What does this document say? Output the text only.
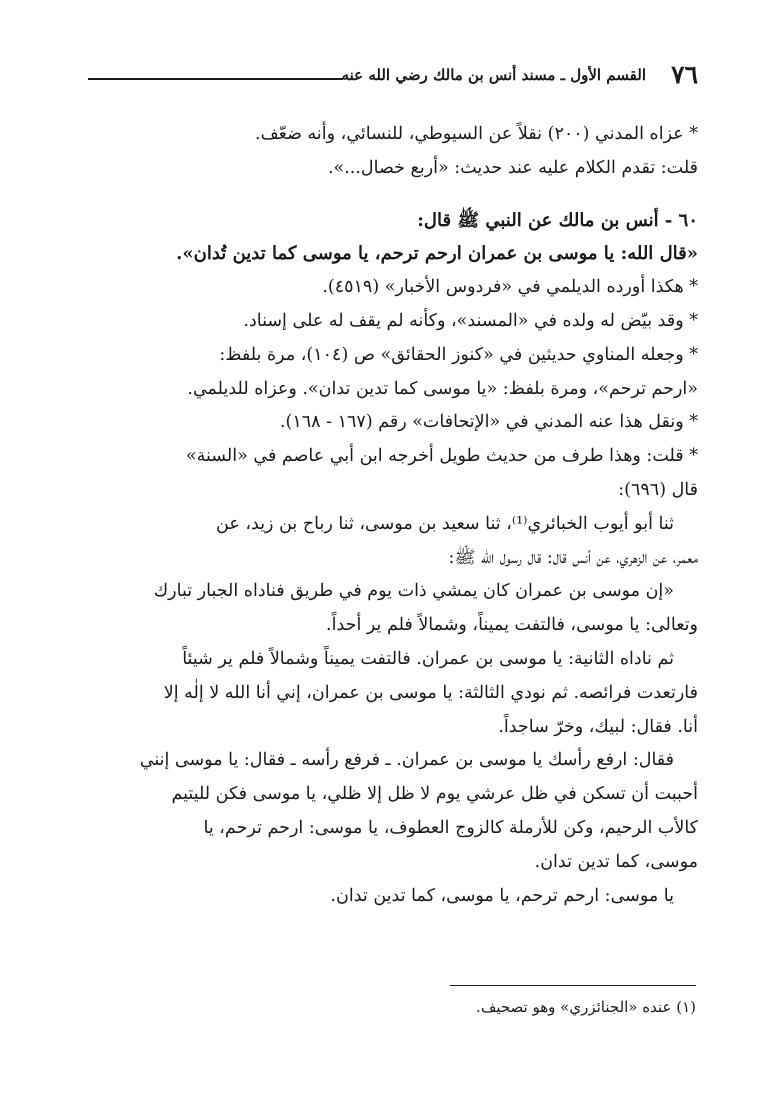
٧٦
القسم الأول ـ مسند أنس بن مالك رضي الله عنه

* عزاه المدني (٢٠٠) نقلاً عن السيوطي، للنسائي، وأنه ضعّف.

قلت: تقدم الكلام عليه عند حديث: «أربع خصال...».

٦٠ - أنس بن مالك عن النبي ﷺ قال:

«قال الله: يا موسى بن عمران ارحم ترحم، يا موسى كما تدين تُدان».

* هكذا أورده الديلمي في «فردوس الأخبار» (٤٥١٩).

* وقد بيّض له ولده في «المسند»، وكأنه لم يقف له على إسناد.

* وجعله المناوي حديثين في «كنوز الحقائق» ص (١٠٤)، مرة بلفظ:

«ارحم ترحم»، ومرة بلفظ: «يا موسى كما تدين تدان». وعزاه للديلمي.

* ونقل هذا عنه المدني في «الإتحافات» رقم (١٦٧ - ١٦٨).

* قلت: وهذا طرف من حديث طويل أخرجه ابن أبي عاصم في «السنة»

قال (٦٩٦):

ثنا أبو أيوب الخبائري⁽¹⁾، ثنا سعيد بن موسى، ثنا رباح بن زيد، عن

معمر، عن الزهري، عن أنس قال: قال رسول الله ﷺ:

«إن موسى بن عمران كان يمشي ذات يوم في طريق فناداه الجبار تبارك

وتعالى: يا موسى، فالتفت يميناً، وشمالاً فلم ير أحداً.

ثم ناداه الثانية: يا موسى بن عمران. فالتفت يميناً وشمالاً فلم ير شيئاً

فارتعدت فرائصه. ثم نودي الثالثة: يا موسى بن عمران، إني أنا الله لا إلٰه إلا

أنا. فقال: لبيك، وخرّ ساجداً.

فقال: ارفع رأسك يا موسى بن عمران. ـ فرفع رأسه ـ فقال: يا موسى إنني

أحببت أن تسكن في ظل عرشي يوم لا ظل إلا ظلي، يا موسى فكن لليتيم

كالأب الرحيم، وكن للأرملة كالزوج العطوف، يا موسى: ارحم ترحم، يا

موسى، كما تدين تدان.

يا موسى: ارحم ترحم، يا موسى، كما تدين تدان.

(١) عنده «الجنائزري» وهو تصحيف.
